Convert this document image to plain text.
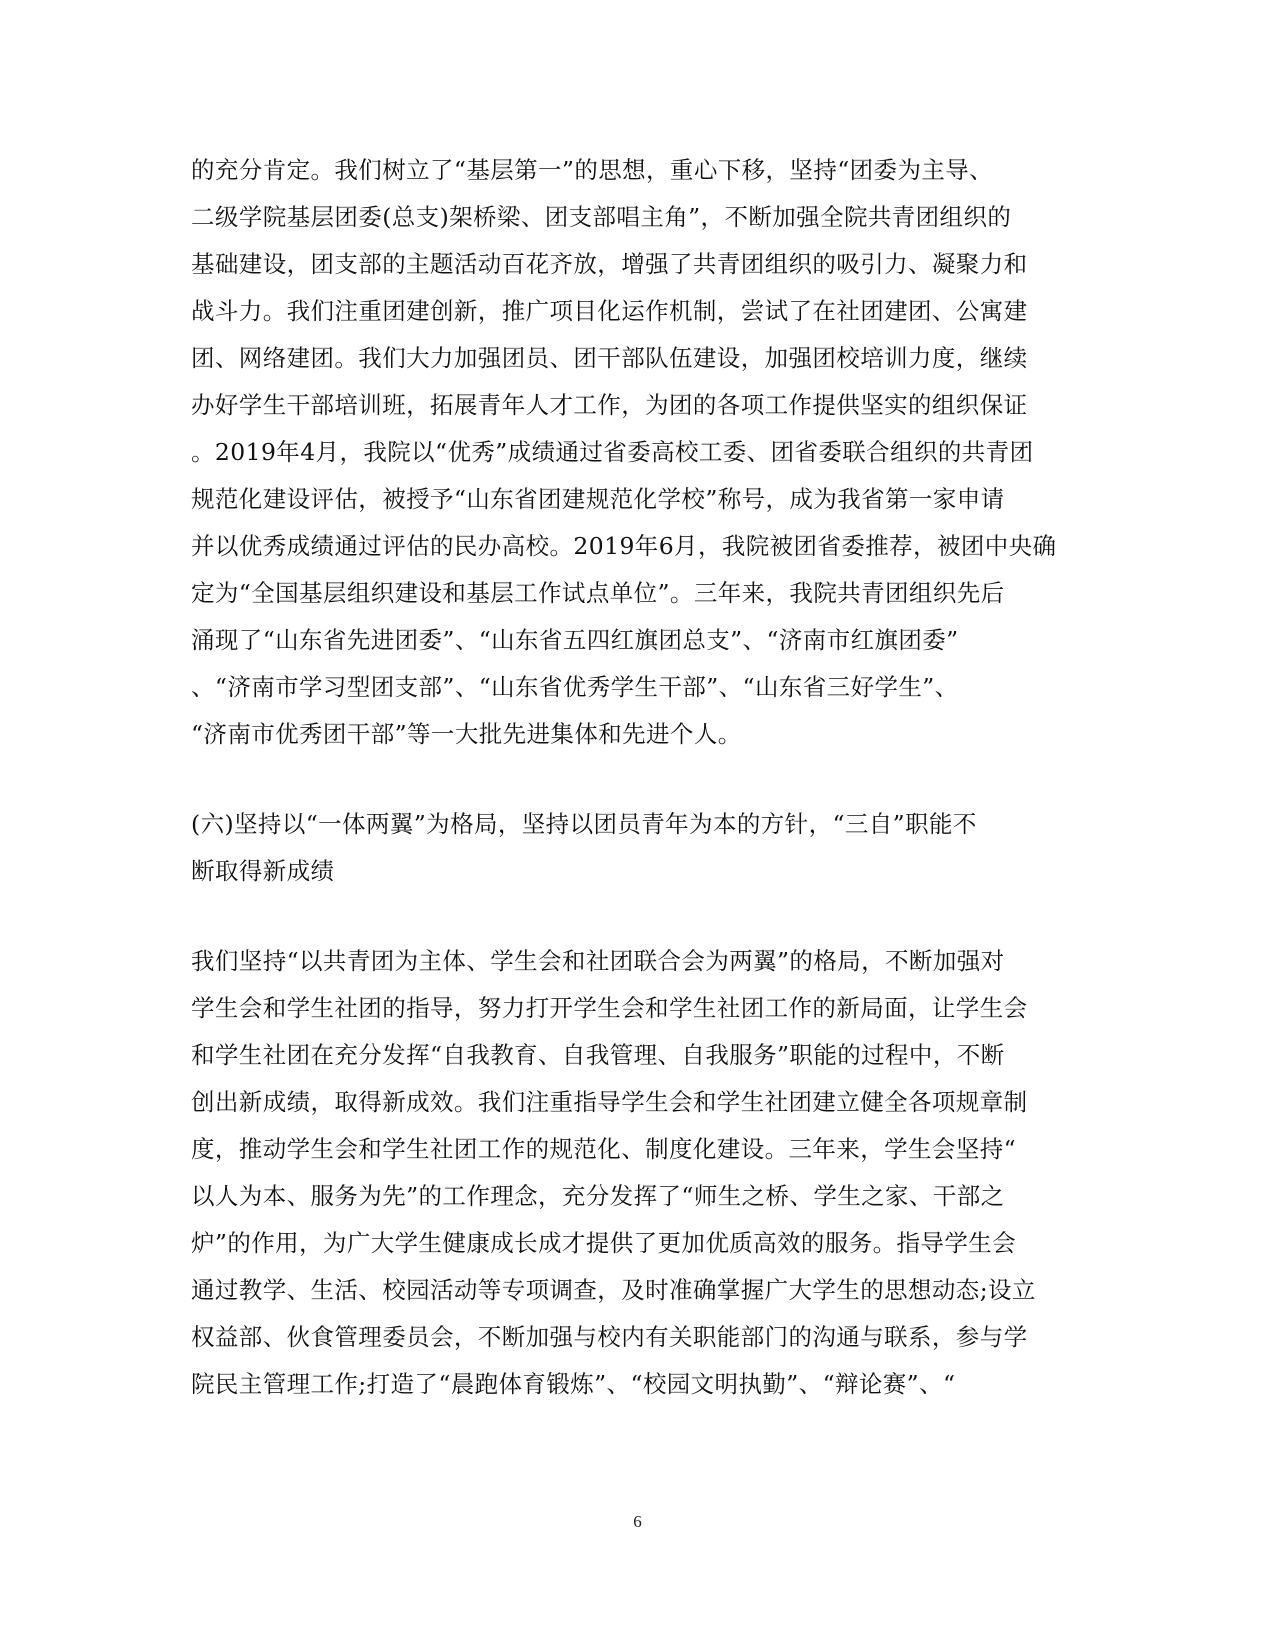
的充分肯定。我们树立了“基层第一”的思想，重心下移，坚持“团委为主导、
二级学院基层团委(总支)架桥梁、团支部唱主角”，不断加强全院共青团组织的
基础建设，团支部的主题活动百花齐放，增强了共青团组织的吸引力、凝聚力和
战斗力。我们注重团建创新，推广项目化运作机制，尝试了在社团建团、公寓建
团、网络建团。我们大力加强团员、团干部队伍建设，加强团校培训力度，继续
办好学生干部培训班，拓展青年人才工作，为团的各项工作提供坚实的组织保证
。2019年4月，我院以“优秀”成绩通过省委高校工委、团省委联合组织的共青团
规范化建设评估，被授予“山东省团建规范化学校”称号，成为我省第一家申请
并以优秀成绩通过评估的民办高校。2019年6月，我院被团省委推荐，被团中央确
定为“全国基层组织建设和基层工作试点单位”。三年来，我院共青团组织先后
涌现了“山东省先进团委”、“山东省五四红旗团总支”、“济南市红旗团委”
、“济南市学习型团支部”、“山东省优秀学生干部”、“山东省三好学生”、
“济南市优秀团干部”等一大批先进集体和先进个人。
(六)坚持以“一体两翼”为格局，坚持以团员青年为本的方针，“三自”职能不
断取得新成绩
我们坚持“以共青团为主体、学生会和社团联合会为两翼”的格局，不断加强对
学生会和学生社团的指导，努力打开学生会和学生社团工作的新局面，让学生会
和学生社团在充分发挥“自我教育、自我管理、自我服务”职能的过程中，不断
创出新成绩，取得新成效。我们注重指导学生会和学生社团建立健全各项规章制
度，推动学生会和学生社团工作的规范化、制度化建设。三年来，学生会坚持“
以人为本、服务为先”的工作理念，充分发挥了“师生之桥、学生之家、干部之
炉”的作用，为广大学生健康成长成才提供了更加优质高效的服务。指导学生会
通过教学、生活、校园活动等专项调查，及时准确掌握广大学生的思想动态;设立
权益部、伙食管理委员会，不断加强与校内有关职能部门的沟通与联系，参与学
院民主管理工作;打造了“晨跑体育锻炼”、“校园文明执勤”、“辩论赛”、“
6
